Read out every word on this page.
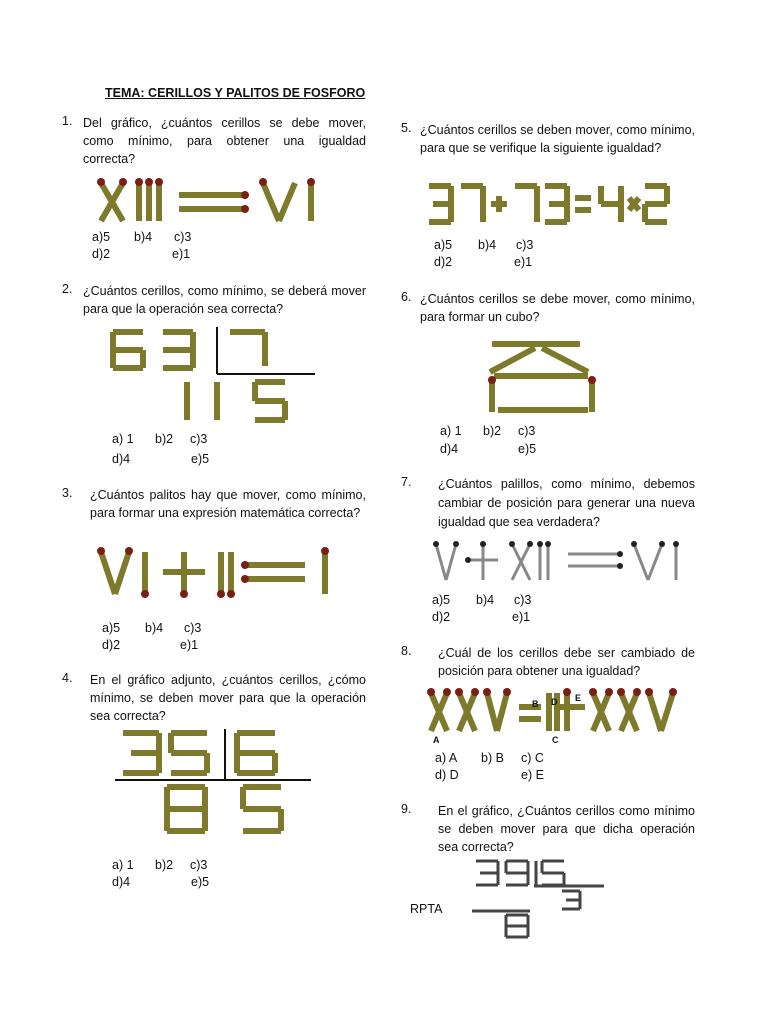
TEMA: CERILLOS Y PALITOS DE FOSFORO
1. Del gráfico, ¿cuántos cerillos se debe mover, como mínimo, para obtener una igualdad correcta?

a)5

b)4

c)3

d)2

	e)1

2. ¿Cuántos cerillos, como mínimo, se deberá mover para que la operación sea correcta?

a) 1

b)2

c)3

d)4

	e)5

3. ¿Cuántos palitos hay que mover, como mínimo, para formar una expresión matemática correcta?

a)5

b)4

c)3

d)2

	e)1

4. En el gráfico adjunto, ¿cuántos cerillos, ¿cómo mínimo, se deben mover para que la operación sea correcta?

a) 1

b)2

c)3

d)4

	e)5

5. ¿Cuántos cerillos se deben mover, como mínimo, para que se verifique la siguiente igualdad?

a)5

b)4

c)3

d)2

	e)1

6. ¿Cuántos cerillos se debe mover, como mínimo, para formar un cubo?

a) 1

b)2

c)3

d)4

	e)5

7. ¿Cuántos palillos, como mínimo, debemos cambiar de posición para generar una nueva igualdad que sea verdadera?

a)5

b)4

c)3

d)2

	e)1

8. ¿Cuál de los cerillos debe ser cambiado de posición para obtener una igualdad?
A
B
C
D E

a) A

b) B

c) C

d) D

	e) E

9. En el gráfico, ¿Cuántos cerillos como mínimo se deben mover para que dicha operación sea correcta?
RPTA
